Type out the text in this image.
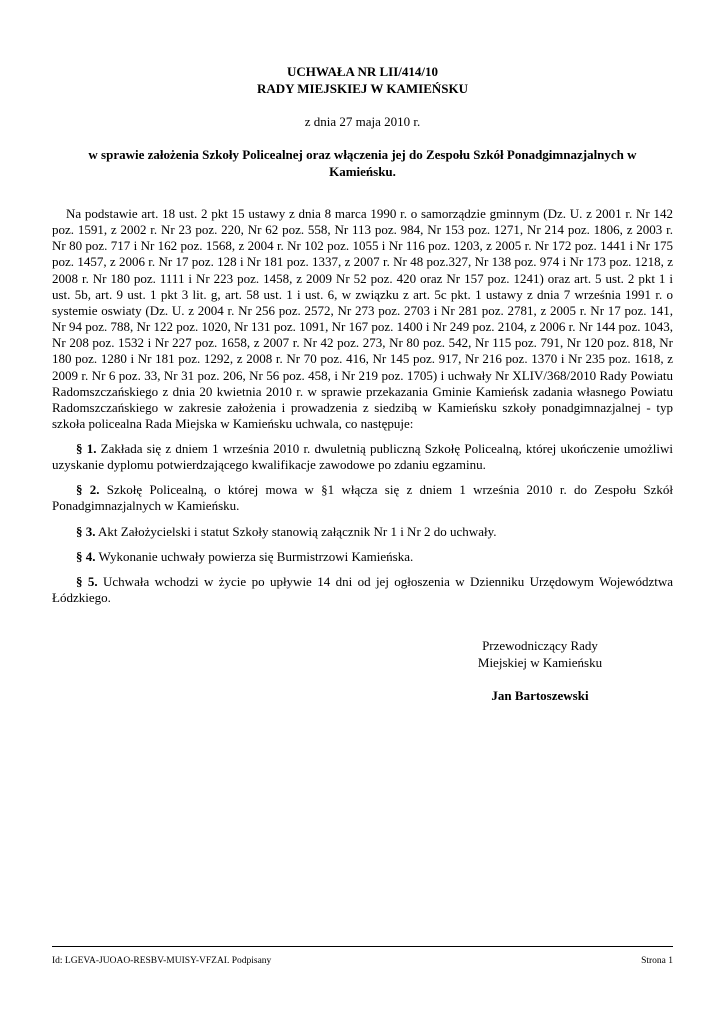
UCHWAŁA NR LII/414/10
RADY MIEJSKIEJ W KAMIEŃSKU
z dnia 27 maja 2010 r.
w sprawie założenia Szkoły Policealnej oraz włączenia jej do Zespołu Szkół Ponadgimnazjalnych w Kamieńsku.

Na podstawie art. 18 ust. 2 pkt 15 ustawy z dnia 8 marca 1990 r. o samorządzie gminnym (Dz. U. z 2001 r. Nr 142 poz. 1591, z 2002 r. Nr 23 poz. 220, Nr 62 poz. 558, Nr 113 poz. 984, Nr 153 poz. 1271, Nr 214 poz. 1806, z 2003 r. Nr 80 poz. 717 i Nr 162 poz. 1568, z 2004 r. Nr 102 poz. 1055 i Nr 116 poz. 1203, z 2005 r. Nr 172 poz. 1441 i Nr 175 poz. 1457, z 2006 r. Nr 17 poz. 128 i Nr 181 poz. 1337, z 2007 r. Nr 48 poz.327, Nr 138 poz. 974 i Nr 173 poz. 1218, z 2008 r. Nr 180 poz. 1111 i Nr 223 poz. 1458, z 2009 Nr 52 poz. 420 oraz Nr 157 poz. 1241) oraz art. 5 ust. 2 pkt 1 i ust. 5b, art. 9 ust. 1 pkt 3 lit. g, art. 58 ust. 1 i ust. 6, w związku z art. 5c pkt. 1 ustawy z dnia 7 września 1991 r. o systemie oswiaty (Dz. U. z 2004 r. Nr 256 poz. 2572, Nr 273 poz. 2703 i Nr 281 poz. 2781, z 2005 r. Nr 17 poz. 141, Nr 94 poz. 788, Nr 122 poz. 1020, Nr 131 poz. 1091, Nr 167 poz. 1400 i Nr 249 poz. 2104, z 2006 r. Nr 144 poz. 1043, Nr 208 poz. 1532 i Nr 227 poz. 1658, z 2007 r. Nr 42 poz. 273, Nr 80 poz. 542, Nr 115 poz. 791, Nr 120 poz. 818, Nr 180 poz. 1280 i Nr 181 poz. 1292, z 2008 r. Nr 70 poz. 416, Nr 145 poz. 917, Nr 216 poz. 1370 i Nr 235 poz. 1618, z 2009 r. Nr 6 poz. 33, Nr 31 poz. 206, Nr 56 poz. 458, i Nr 219 poz. 1705) i uchwały Nr XLIV/368/2010 Rady Powiatu Radomszczańskiego z dnia 20 kwietnia 2010 r. w sprawie przekazania Gminie Kamieńsk zadania własnego Powiatu Radomszczańskiego w zakresie założenia i prowadzenia z siedzibą w Kamieńsku szkoły ponadgimnazjalnej - typ szkoła policealna Rada Miejska w Kamieńsku uchwala, co następuje:

§ 1. Zakłada się z dniem 1 września 2010 r. dwuletnią publiczną Szkołę Policealną, której ukończenie umożliwi uzyskanie dyplomu potwierdzającego kwalifikacje zawodowe po zdaniu egzaminu.

§ 2. Szkołę Policealną, o której mowa w §1 włącza się z dniem 1 września 2010 r. do Zespołu Szkół Ponadgimnazjalnych w Kamieńsku.

§ 3. Akt Założycielski i statut Szkoły stanowią załącznik Nr 1 i Nr 2 do uchwały.

§ 4. Wykonanie uchwały powierza się Burmistrzowi Kamieńska.

§ 5. Uchwała wchodzi w życie po upływie 14 dni od jej ogłoszenia w Dzienniku Urzędowym Województwa Łódzkiego.

Przewodniczący Rady
Miejskiej w Kamieńsku
Jan Bartoszewski
Id: LGEVA-JUOAO-RESBV-MUISY-VFZAI. Podpisany	Strona 1
